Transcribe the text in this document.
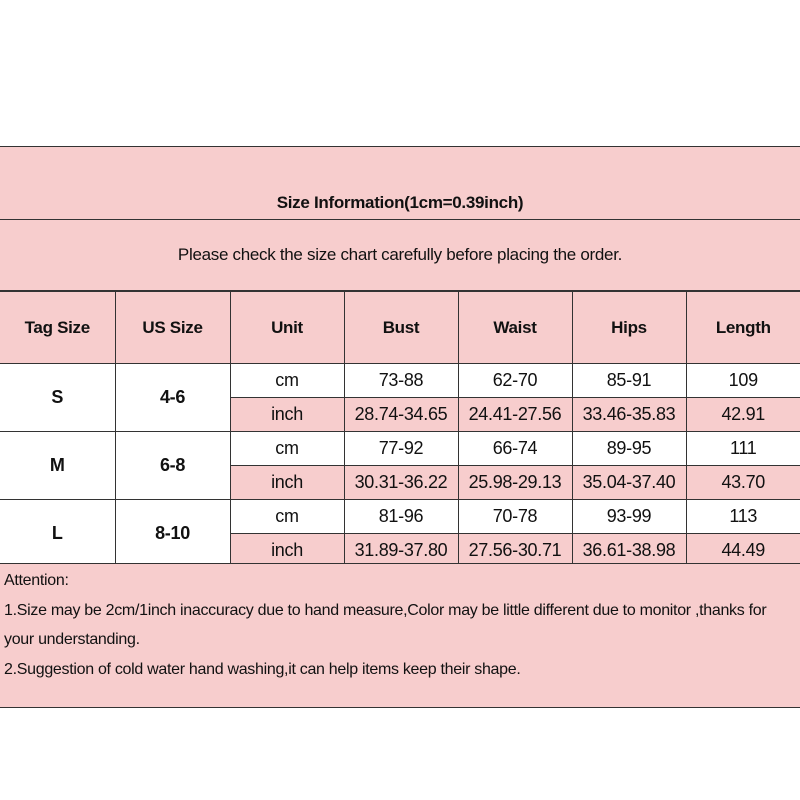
Size Information(1cm=0.39inch)
Please check the size chart carefully before placing the order.
Tag Size	US Size	Unit	Bust	Waist	Hips	Length
S	4-6	cm	73-88	62-70	85-91	109
		inch	28.74-34.65	24.41-27.56	33.46-35.83	42.91
M	6-8	cm	77-92	66-74	89-95	111
		inch	30.31-36.22	25.98-29.13	35.04-37.40	43.70
L	8-10	cm	81-96	70-78	93-99	113
		inch	31.89-37.80	27.56-30.71	36.61-38.98	44.49
Attention:
1.Size may be 2cm/1inch inaccuracy due to hand measure,Color may be little different due to monitor ,thanks for
your understanding.
2.Suggestion of cold water hand washing,it can help items keep their shape.
